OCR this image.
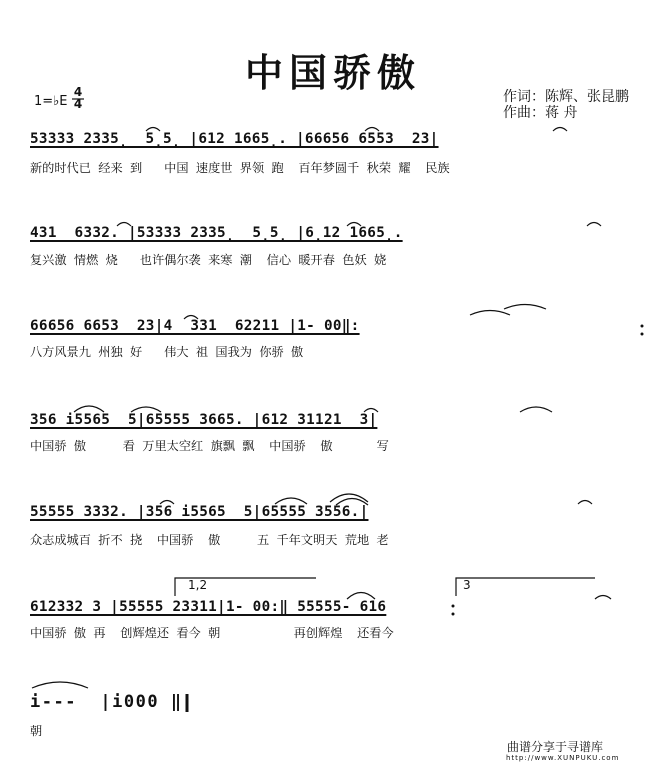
中国骄傲
1=♭E
4
4	作词：陈辉、张昆鹏
作曲：蒋 舟
53333 2335̣  5̣5̣ |612 1665̣. |66656 6553  23|
新的时代已 经来 到   中国 速度世 界领 跑  百年梦圆千 秋荣 耀  民族
431  6332. |53333 2335̣  5̣5̣ |6̣12 1665̣.
复兴激 情燃 烧   也许偶尔袭 来寒 潮  信心 暖开春 色妖 娆
66656 6653  23|4  331  62211 |1- 00‖:
八方风景九 州独 好   伟大 祖 国我为 你骄 傲
356 i5565  5|65555 3665. |612 31121  3|
中国骄 傲     看 万里太空红 旗飘 飘  中国骄  傲      写
55555 3332. |356 i5565  5|65555 3556.|
众志成城百 折不 挠  中国骄  傲     五 千年文明天 荒地 老
612332 3 |55555 23311|1- 00:‖ 55555- 616
中国骄 傲 再  创辉煌还 看今 朝          再创辉煌  还看今
i---  |i000 ‖
朝
1,2	3
曲谱分享于寻谱库
http://www.XUNPUKU.com
